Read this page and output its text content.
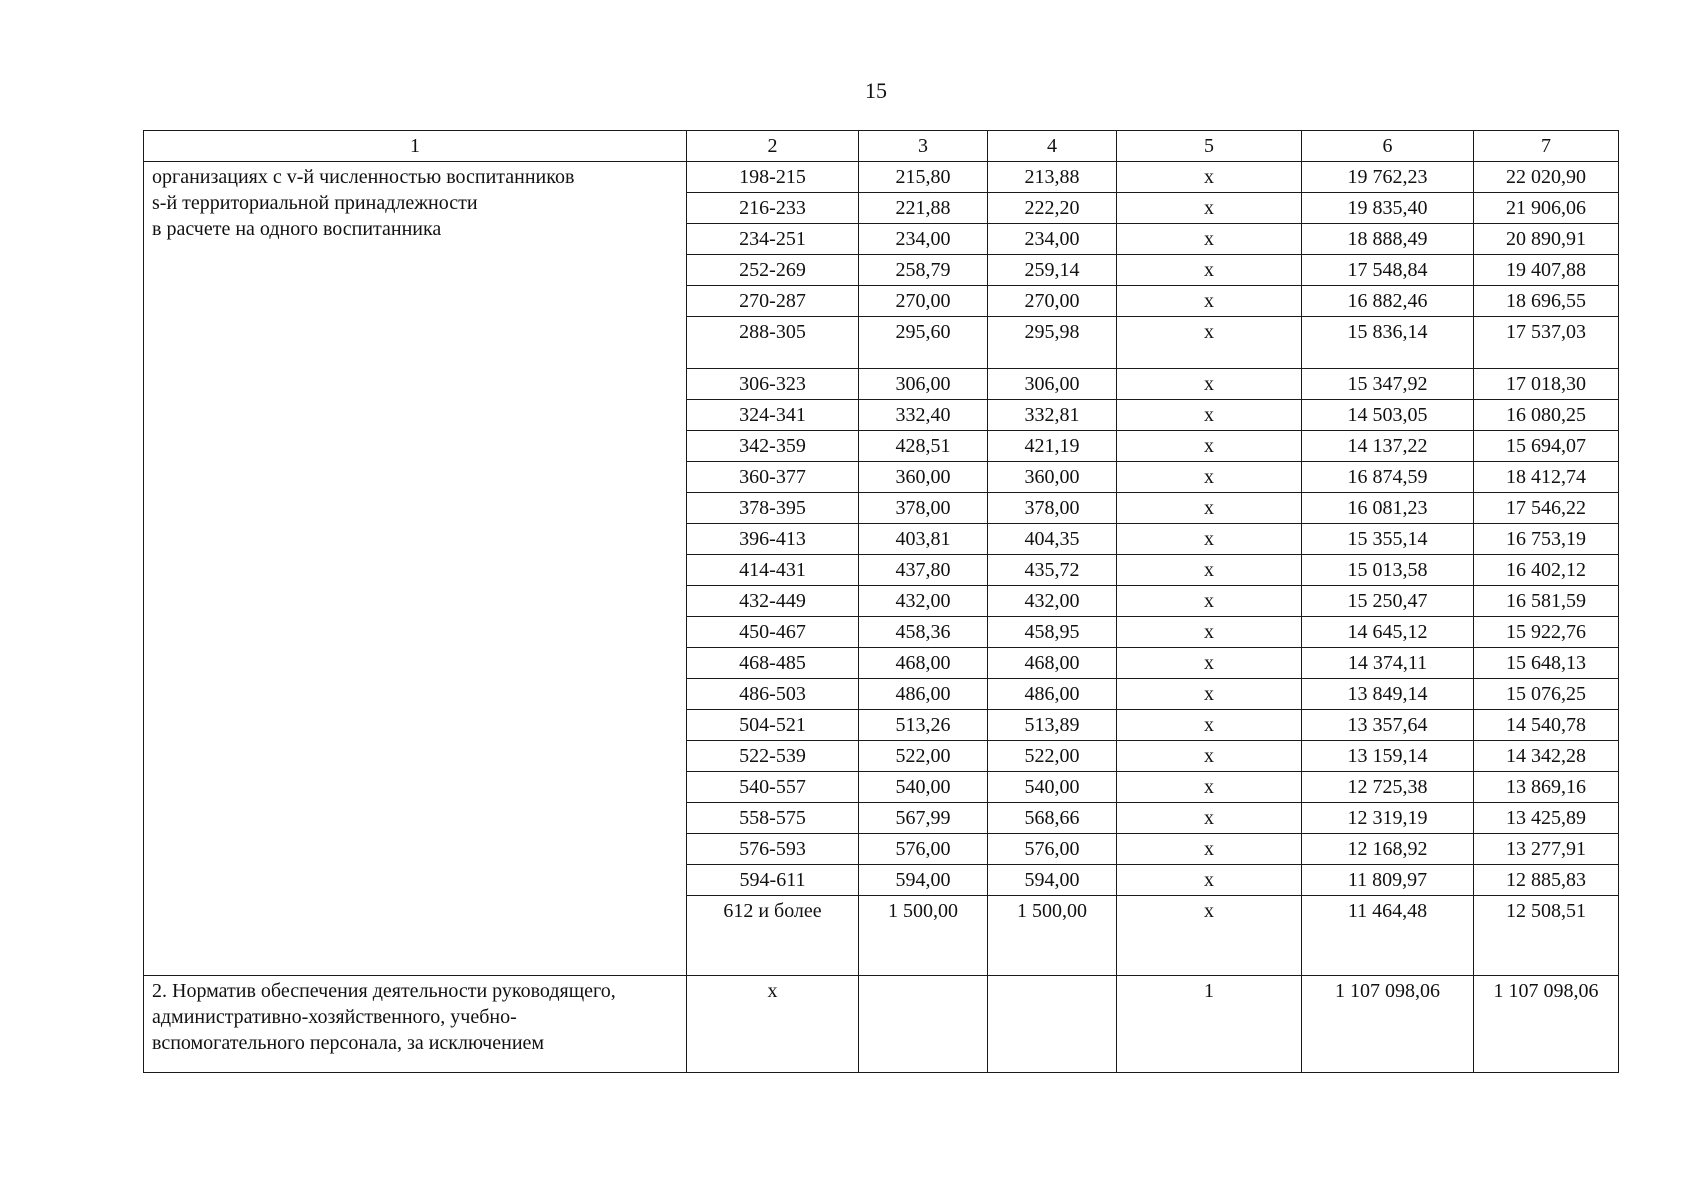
15
1	2	3	4	5	6	7

организациях с v-й численностью воспитанников
s-й территориальной принадлежности
в расчете на одного воспитанника	198-215	215,80	213,88	x	19 762,23	22 020,90
	216-233	221,88	222,20	x	19 835,40	21 906,06
	234-251	234,00	234,00	x	18 888,49	20 890,91
	252-269	258,79	259,14	x	17 548,84	19 407,88
	270-287	270,00	270,00	x	16 882,46	18 696,55
	288-305	295,60	295,98	x	15 836,14	17 537,03
	306-323	306,00	306,00	x	15 347,92	17 018,30
	324-341	332,40	332,81	x	14 503,05	16 080,25
	342-359	428,51	421,19	x	14 137,22	15 694,07
	360-377	360,00	360,00	x	16 874,59	18 412,74
	378-395	378,00	378,00	x	16 081,23	17 546,22
	396-413	403,81	404,35	x	15 355,14	16 753,19
	414-431	437,80	435,72	x	15 013,58	16 402,12
	432-449	432,00	432,00	x	15 250,47	16 581,59
	450-467	458,36	458,95	x	14 645,12	15 922,76
	468-485	468,00	468,00	x	14 374,11	15 648,13
	486-503	486,00	486,00	x	13 849,14	15 076,25
	504-521	513,26	513,89	x	13 357,64	14 540,78
	522-539	522,00	522,00	x	13 159,14	14 342,28
	540-557	540,00	540,00	x	12 725,38	13 869,16
	558-575	567,99	568,66	x	12 319,19	13 425,89
	576-593	576,00	576,00	x	12 168,92	13 277,91
	594-611	594,00	594,00	x	11 809,97	12 885,83
	612 и более	1 500,00	1 500,00	x	11 464,48	12 508,51

2. Норматив обеспечения деятельности руководящего,
административно-хозяйственного, учебно-
вспомогательного персонала, за исключением	x			1	1 107 098,06	1 107 098,06
